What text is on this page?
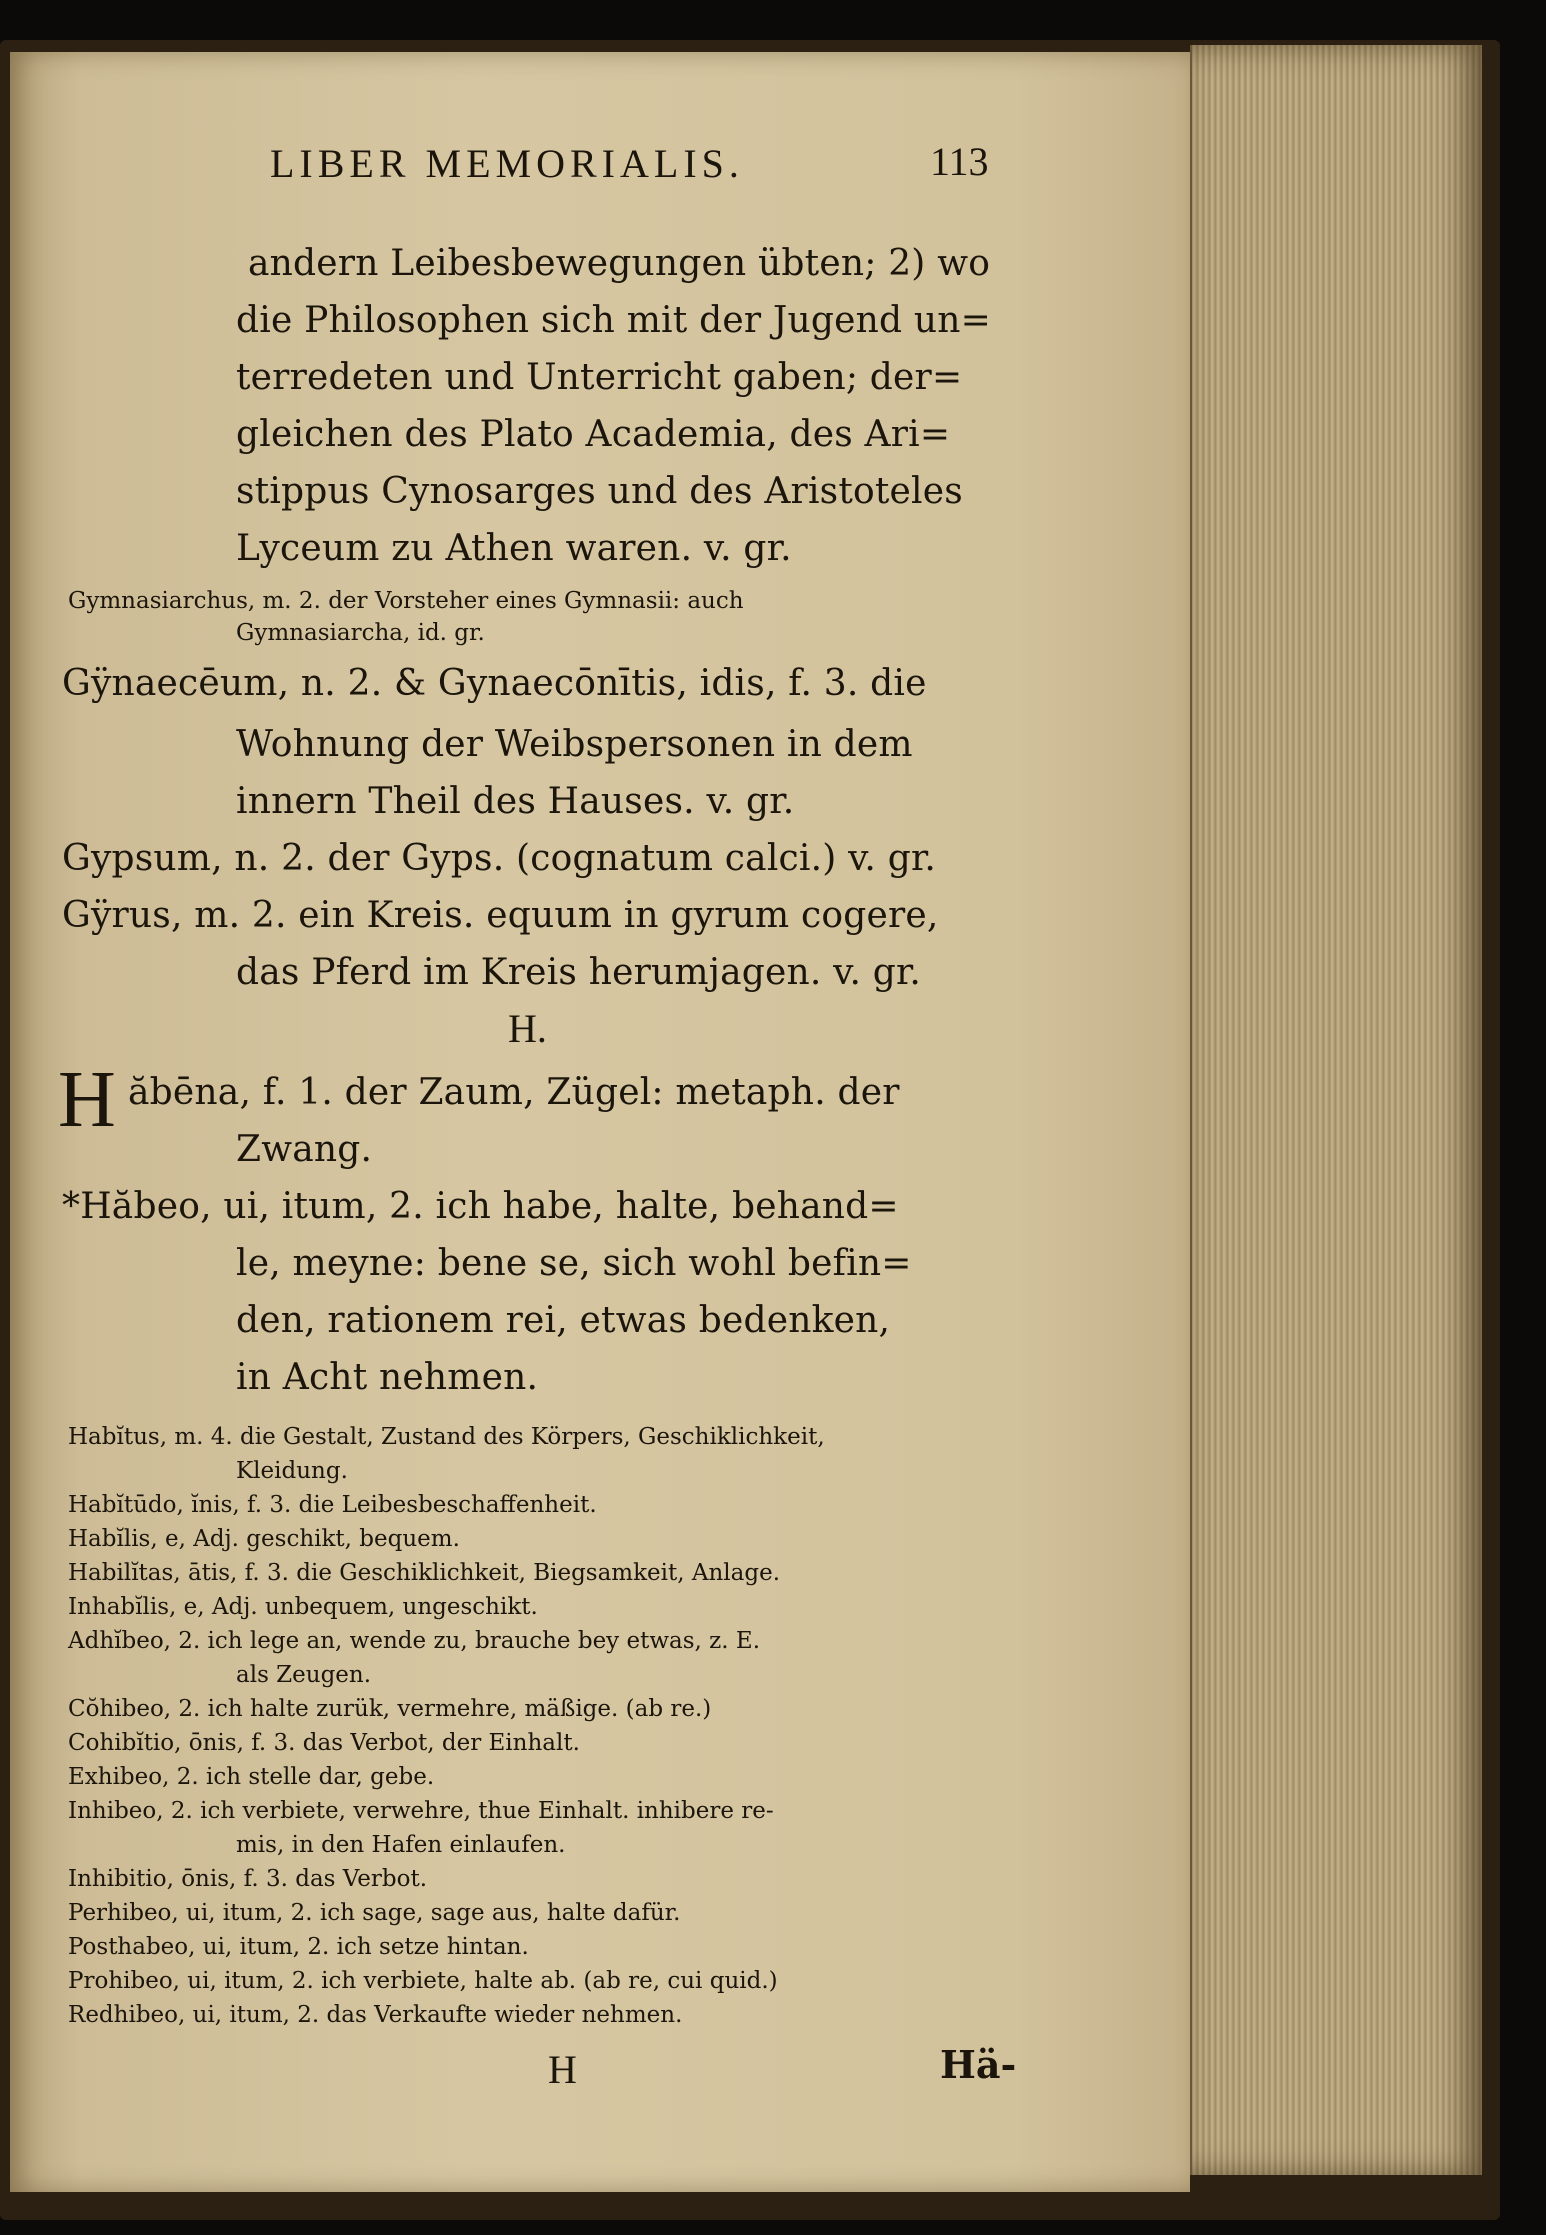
LIBER MEMORIALIS.	113
andern Leibesbewegungen übten; 2) wo
die Philosophen sich mit der Jugend un=
terredeten und Unterricht gaben; der=
gleichen des Plato Academia, des Ari=
stippus Cynosarges und des Aristoteles
Lyceum zu Athen waren. v. gr.
Gymnasiarchus, m. 2. der Vorsteher eines Gymnasii: auch
Gymnasiarcha, id. gr.
Gÿnaecēum, n. 2. & Gynaecōnītis, idis, f. 3. die
Wohnung der Weibspersonen in dem
innern Theil des Hauses. v. gr.
Gypsum, n. 2. der Gyps. (cognatum calci.) v. gr.
Gÿrus, m. 2. ein Kreis. equum in gyrum cogere,
das Pferd im Kreis herumjagen. v. gr.
H.
H ăbēna, f. 1. der Zaum, Zügel: metaph. der
Zwang.
*Hăbeo, ui, itum, 2. ich habe, halte, behand=
le, meyne: bene se, sich wohl befin=
den, rationem rei, etwas bedenken,
in Acht nehmen.
Habĭtus, m. 4. die Gestalt, Zustand des Körpers, Geschiklichkeit,
Kleidung.
Habĭtūdo, ĭnis, f. 3. die Leibesbeschaffenheit.
Habĭlis, e, Adj. geschikt, bequem.
Habilĭtas, ātis, f. 3. die Geschiklichkeit, Biegsamkeit, Anlage.
Inhabĭlis, e, Adj. unbequem, ungeschikt.
Adhĭbeo, 2. ich lege an, wende zu, brauche bey etwas, z. E.
als Zeugen.
Cŏhibeo, 2. ich halte zurük, vermehre, mäßige. (ab re.)
Cohibĭtio, ōnis, f. 3. das Verbot, der Einhalt.
Exhibeo, 2. ich stelle dar, gebe.
Inhibeo, 2. ich verbiete, verwehre, thue Einhalt. inhibere re-
mis, in den Hafen einlaufen.
Inhibitio, ōnis, f. 3. das Verbot.
Perhibeo, ui, itum, 2. ich sage, sage aus, halte dafür.
Posthabeo, ui, itum, 2. ich setze hintan.
Prohibeo, ui, itum, 2. ich verbiete, halte ab. (ab re, cui quid.)
Redhibeo, ui, itum, 2. das Verkaufte wieder nehmen.
H	Hä-
